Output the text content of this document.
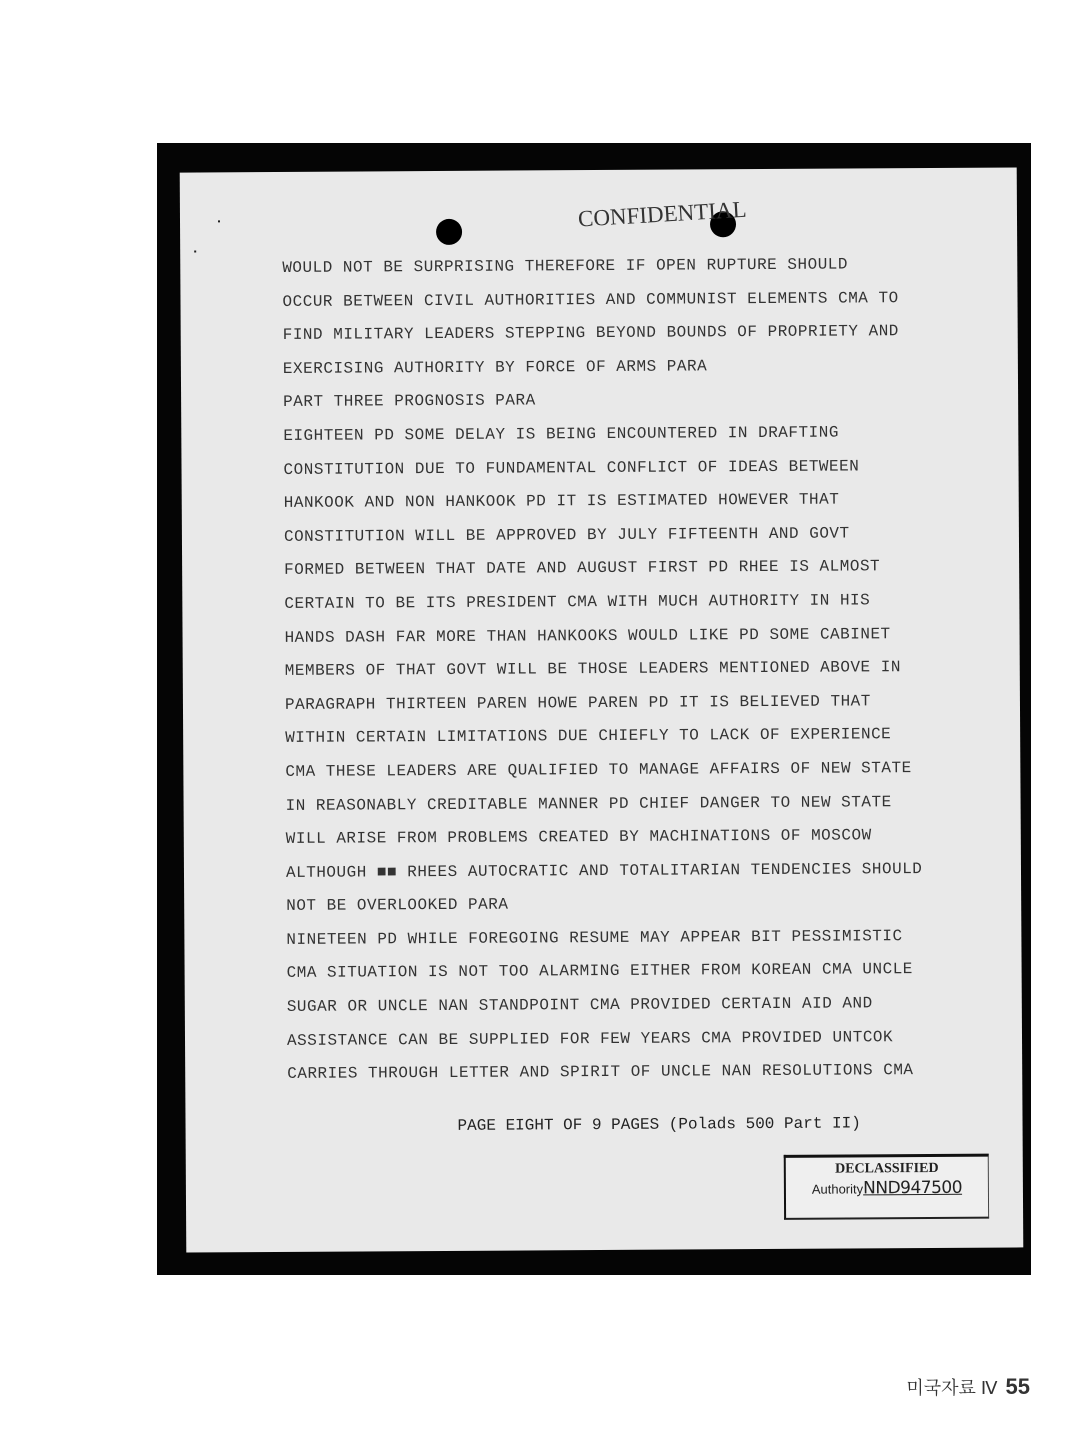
CONFIDENTIAL
WOULD NOT BE SURPRISING THEREFORE IF OPEN RUPTURE SHOULD
OCCUR BETWEEN CIVIL AUTHORITIES AND COMMUNIST ELEMENTS CMA TO
FIND MILITARY LEADERS STEPPING BEYOND BOUNDS OF PROPRIETY AND
EXERCISING AUTHORITY BY FORCE OF ARMS PARA
PART THREE PROGNOSIS PARA
EIGHTEEN PD SOME DELAY IS BEING ENCOUNTERED IN DRAFTING
CONSTITUTION DUE TO FUNDAMENTAL CONFLICT OF IDEAS BETWEEN
HANKOOK AND NON HANKOOK PD IT IS ESTIMATED HOWEVER THAT
CONSTITUTION WILL BE APPROVED BY JULY FIFTEENTH AND GOVT
FORMED BETWEEN THAT DATE AND AUGUST FIRST PD RHEE IS ALMOST
CERTAIN TO BE ITS PRESIDENT CMA WITH MUCH AUTHORITY IN HIS
HANDS DASH FAR MORE THAN HANKOOKS WOULD LIKE PD SOME CABINET
MEMBERS OF THAT GOVT WILL BE THOSE LEADERS MENTIONED ABOVE IN
PARAGRAPH THIRTEEN PAREN HOWE PAREN PD IT IS BELIEVED THAT
WITHIN CERTAIN LIMITATIONS DUE CHIEFLY TO LACK OF EXPERIENCE
CMA THESE LEADERS ARE QUALIFIED TO MANAGE AFFAIRS OF NEW STATE
IN REASONABLY CREDITABLE MANNER PD CHIEF DANGER TO NEW STATE
WILL ARISE FROM PROBLEMS CREATED BY MACHINATIONS OF MOSCOW
ALTHOUGH ■■ RHEES AUTOCRATIC AND TOTALITARIAN TENDENCIES SHOULD
NOT BE OVERLOOKED PARA
NINETEEN PD WHILE FOREGOING RESUME MAY APPEAR BIT PESSIMISTIC
CMA SITUATION IS NOT TOO ALARMING EITHER FROM KOREAN CMA UNCLE
SUGAR OR UNCLE NAN STANDPOINT CMA PROVIDED CERTAIN AID AND
ASSISTANCE CAN BE SUPPLIED FOR FEW YEARS CMA PROVIDED UNTCOK
CARRIES THROUGH LETTER AND SPIRIT OF UNCLE NAN RESOLUTIONS CMA
PAGE EIGHT OF 9 PAGES (Polads 500 Part II)
DECLASSIFIED
AuthorityNND947500
미국자료 Ⅳ 55
